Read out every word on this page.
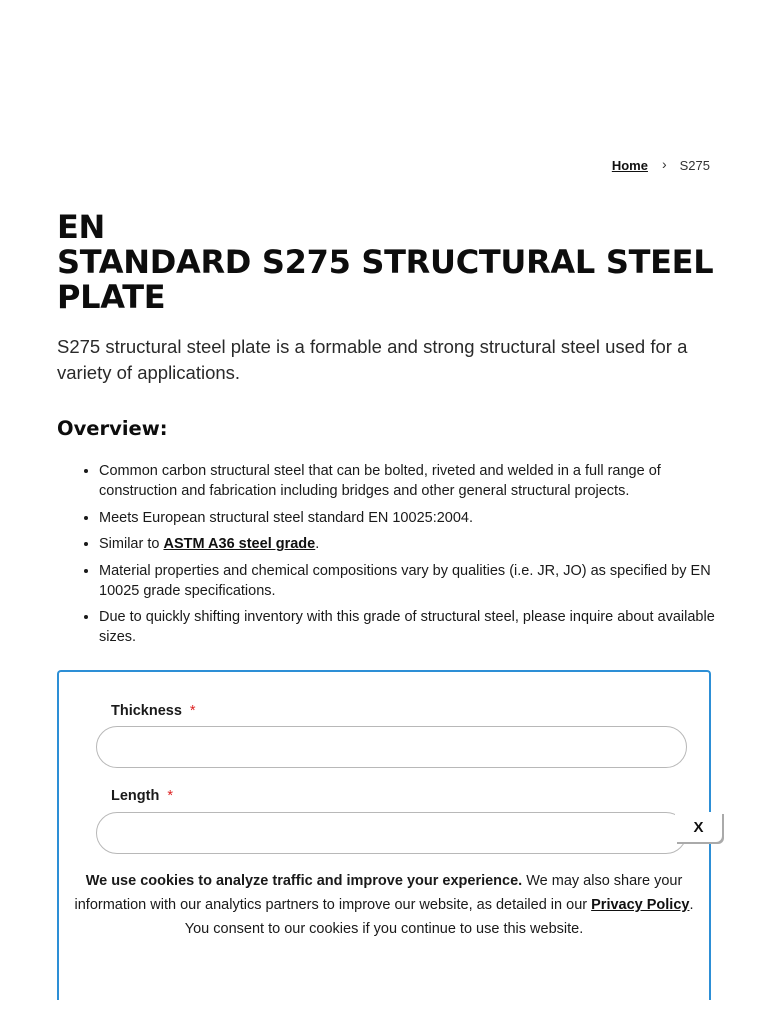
Home › S275
EN
STANDARD S275 STRUCTURAL STEEL
PLATE

S275 structural steel plate is a formable and strong structural steel used for a variety of applications.

Overview:
• Common carbon structural steel that can be bolted, riveted and welded in a full range of construction and fabrication including bridges and other general structural projects.
• Meets European structural steel standard EN 10025:2004.
• Similar to ASTM A36 steel grade.
• Material properties and chemical compositions vary by qualities (i.e. JR, JO) as specified by EN 10025 grade specifications.
• Due to quickly shifting inventory with this grade of structural steel, please inquire about available sizes.
Thickness *
Length *
X
We use cookies to analyze traffic and improve your experience. We may also share your information with our analytics partners to improve our website, as detailed in our Privacy Policy. You consent to our cookies if you continue to use this website.
